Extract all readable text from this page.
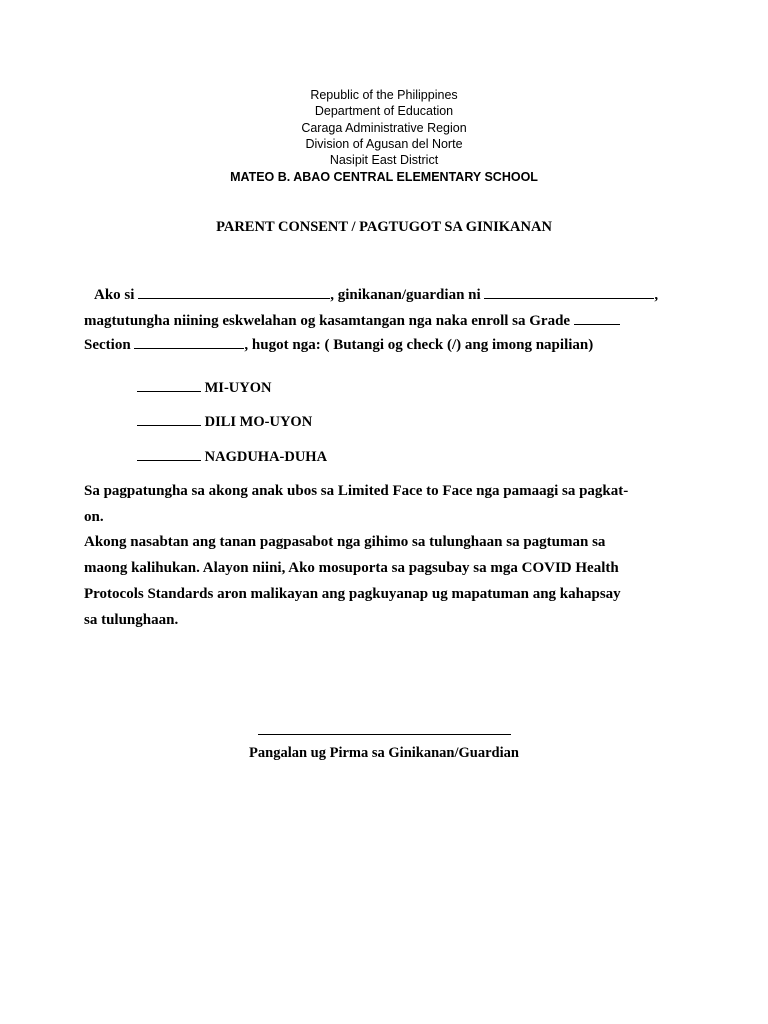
Republic of the Philippines
Department of Education
Caraga Administrative Region
Division of Agusan del Norte
Nasipit East District
MATEO B. ABAO CENTRAL ELEMENTARY SCHOOL
PARENT CONSENT / PAGTUGOT SA GINIKANAN
Ako si	, ginikanan/guardian ni	,
magtutungha niining eskwelahan og kasamtangan nga naka enroll sa Grade
Section	, hugot nga: ( Butangi og check (/) ang imong napilian)
MI-UYON
DILI MO-UYON
NAGDUHA-DUHA
Sa pagpatungha sa akong anak ubos sa Limited Face to Face nga pamaagi sa pagkat-
on.
Akong nasabtan ang tanan pagpasabot nga gihimo sa tulunghaan sa pagtuman sa
maong kalihukan. Alayon niini, Ako mosuporta sa pagsubay sa mga COVID Health
Protocols Standards aron malikayan ang pagkuyanap ug mapatuman ang kahapsay
sa tulunghaan.
Pangalan ug Pirma sa Ginikanan/Guardian
